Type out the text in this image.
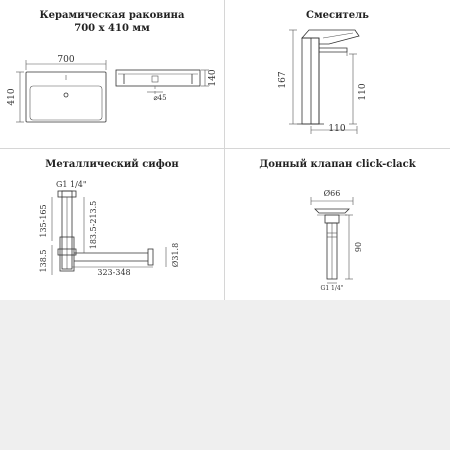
Керамическая раковина
700 x 410 мм
700
410	⌀45
140
Смеситель
167
110
110
Металлический сифон
G1 1/4"
135-165
138.5
183.5-213.5
323-348
Ø31.8
Донный клапан click-clack
Ø66
90
G1 1/4"
